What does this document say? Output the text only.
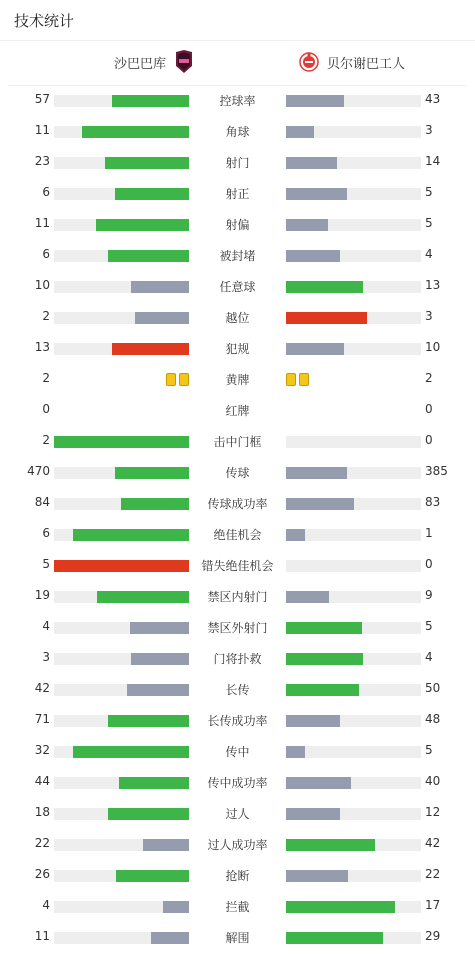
技术统计
沙巴巴库	贝尔谢巴工人
57	控球率	43
11	角球	3
23	射门	14
6	射正	5
11	射偏	5
6	被封堵	4
10	任意球	13
2	越位	3
13	犯规	10
2	黄牌	2
0	红牌	0
2	击中门框	0
470	传球	385
84	传球成功率	83
6	绝佳机会	1
5	错失绝佳机会	0
19	禁区内射门	9
4	禁区外射门	5
3	门将扑救	4
42	长传	50
71	长传成功率	48
32	传中	5
44	传中成功率	40
18	过人	12
22	过人成功率	42
26	抢断	22
4	拦截	17
11	解围	29
